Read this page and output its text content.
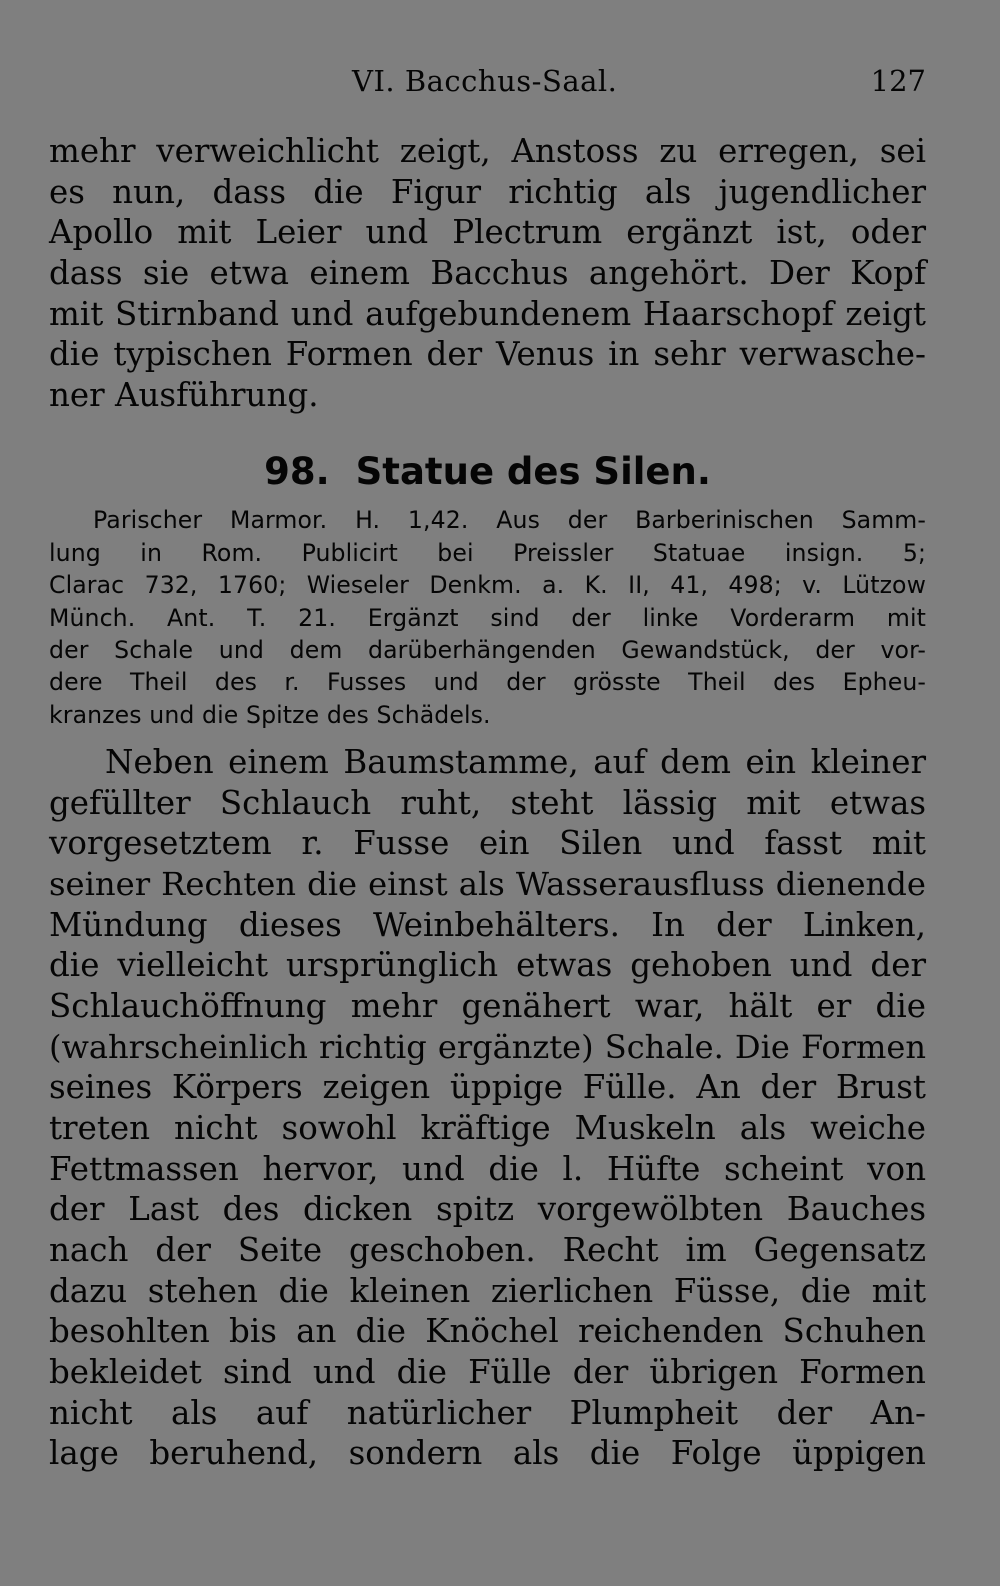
VI. Bacchus-Saal.	127
mehr verweichlicht zeigt, Anstoss zu erregen, sei
es nun, dass die Figur richtig als jugendlicher
Apollo mit Leier und Plectrum ergänzt ist, oder
dass sie etwa einem Bacchus angehört. Der Kopf
mit Stirnband und aufgebundenem Haarschopf zeigt
die typischen Formen der Venus in sehr verwasche-
ner Ausführung.
98. Statue des Silen.
Parischer Marmor. H. 1,42. Aus der Barberinischen Samm-
lung in Rom. Publicirt bei Preissler Statuae insign. 5;
Clarac 732, 1760; Wieseler Denkm. a. K. II, 41, 498; v. Lützow
Münch. Ant. T. 21. Ergänzt sind der linke Vorderarm mit
der Schale und dem darüberhängenden Gewandstück, der vor-
dere Theil des r. Fusses und der grösste Theil des Epheu-
kranzes und die Spitze des Schädels.
Neben einem Baumstamme, auf dem ein kleiner
gefüllter Schlauch ruht, steht lässig mit etwas
vorgesetztem r. Fusse ein Silen und fasst mit
seiner Rechten die einst als Wasserausfluss dienende
Mündung dieses Weinbehälters. In der Linken,
die vielleicht ursprünglich etwas gehoben und der
Schlauchöffnung mehr genähert war, hält er die
(wahrscheinlich richtig ergänzte) Schale. Die Formen
seines Körpers zeigen üppige Fülle. An der Brust
treten nicht sowohl kräftige Muskeln als weiche
Fettmassen hervor, und die l. Hüfte scheint von
der Last des dicken spitz vorgewölbten Bauches
nach der Seite geschoben. Recht im Gegensatz
dazu stehen die kleinen zierlichen Füsse, die mit
besohlten bis an die Knöchel reichenden Schuhen
bekleidet sind und die Fülle der übrigen Formen
nicht als auf natürlicher Plumpheit der An-
lage beruhend, sondern als die Folge üppigen
